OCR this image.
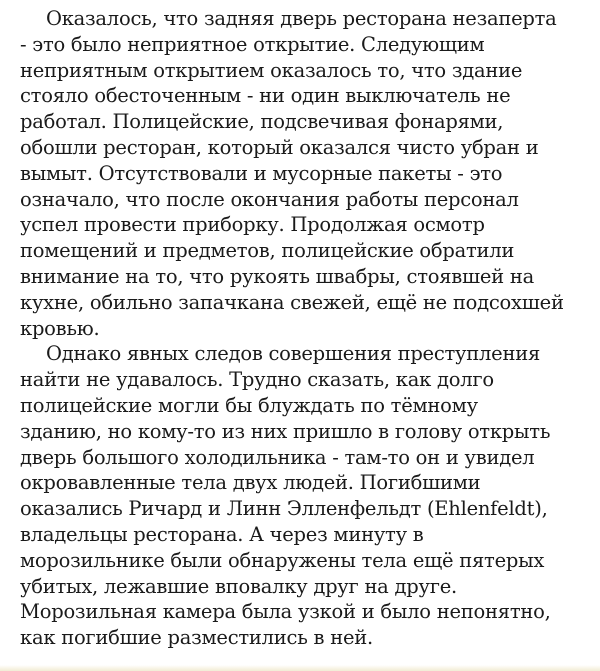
Оказалось, что задняя дверь ресторана незаперта
- это было неприятное открытие. Следующим
неприятным открытием оказалось то, что здание
стояло обесточенным - ни один выключатель не
работал. Полицейские, подсвечивая фонарями,
обошли ресторан, который оказался чисто убран и
вымыт. Отсутствовали и мусорные пакеты - это
означало, что после окончания работы персонал
успел провести приборку. Продолжая осмотр
помещений и предметов, полицейские обратили
внимание на то, что рукоять швабры, стоявшей на
кухне, обильно запачкана свежей, ещё не подсохшей
кровью.
Однако явных следов совершения преступления
найти не удавалось. Трудно сказать, как долго
полицейские могли бы блуждать по тёмному
зданию, но кому-то из них пришло в голову открыть
дверь большого холодильника - там-то он и увидел
окровавленные тела двух людей. Погибшими
оказались Ричард и Линн Элленфельдт (Ehlenfeldt),
владельцы ресторана. А через минуту в
морозильнике были обнаружены тела ещё пятерых
убитых, лежавшие вповалку друг на друге.
Морозильная камера была узкой и было непонятно,
как погибшие разместились в ней.
